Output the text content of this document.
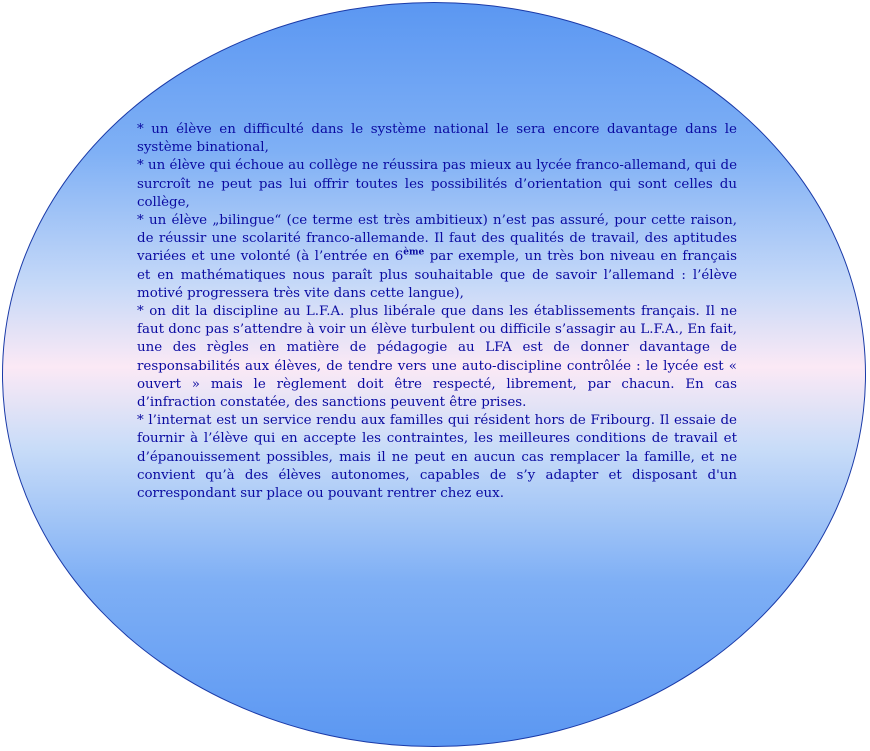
* un élève en difficulté dans le système national le sera encore davantage dans le système binational,

* un élève qui échoue au collège ne réussira pas mieux au lycée franco-allemand, qui de surcroît ne peut pas lui offrir toutes les possibilités d’orientation qui sont celles du collège,

* un élève „bilingue“ (ce terme est très ambitieux) n’est pas assuré, pour cette raison, de réussir une scolarité franco-allemande. Il faut des qualités de travail, des aptitudes variées et une volonté (à l’entrée en 6ème par exemple, un très bon niveau en français et en mathématiques nous paraît plus souhaitable que de savoir l’allemand : l’élève motivé progressera très vite dans cette langue),

* on dit la discipline au L.F.A. plus libérale que dans les établissements français. Il ne faut donc pas s’attendre à voir un élève turbulent ou difficile s’assagir au L.F.A., En fait, une des règles en matière de pédagogie au LFA est de donner davantage de responsabilités aux élèves, de tendre vers une auto-discipline contrôlée : le lycée est « ouvert » mais le règlement doit être respecté, librement, par chacun. En cas d’infraction constatée, des sanctions peuvent être prises.

* l’internat est un service rendu aux familles qui résident hors de Fribourg. Il essaie de fournir à l’élève qui en accepte les contraintes, les meilleures conditions de travail et d’épanouissement possibles, mais il ne peut en aucun cas remplacer la famille, et ne convient qu’à des élèves autonomes, capables de s’y adapter et disposant d'un correspondant sur place ou pouvant rentrer chez eux.
